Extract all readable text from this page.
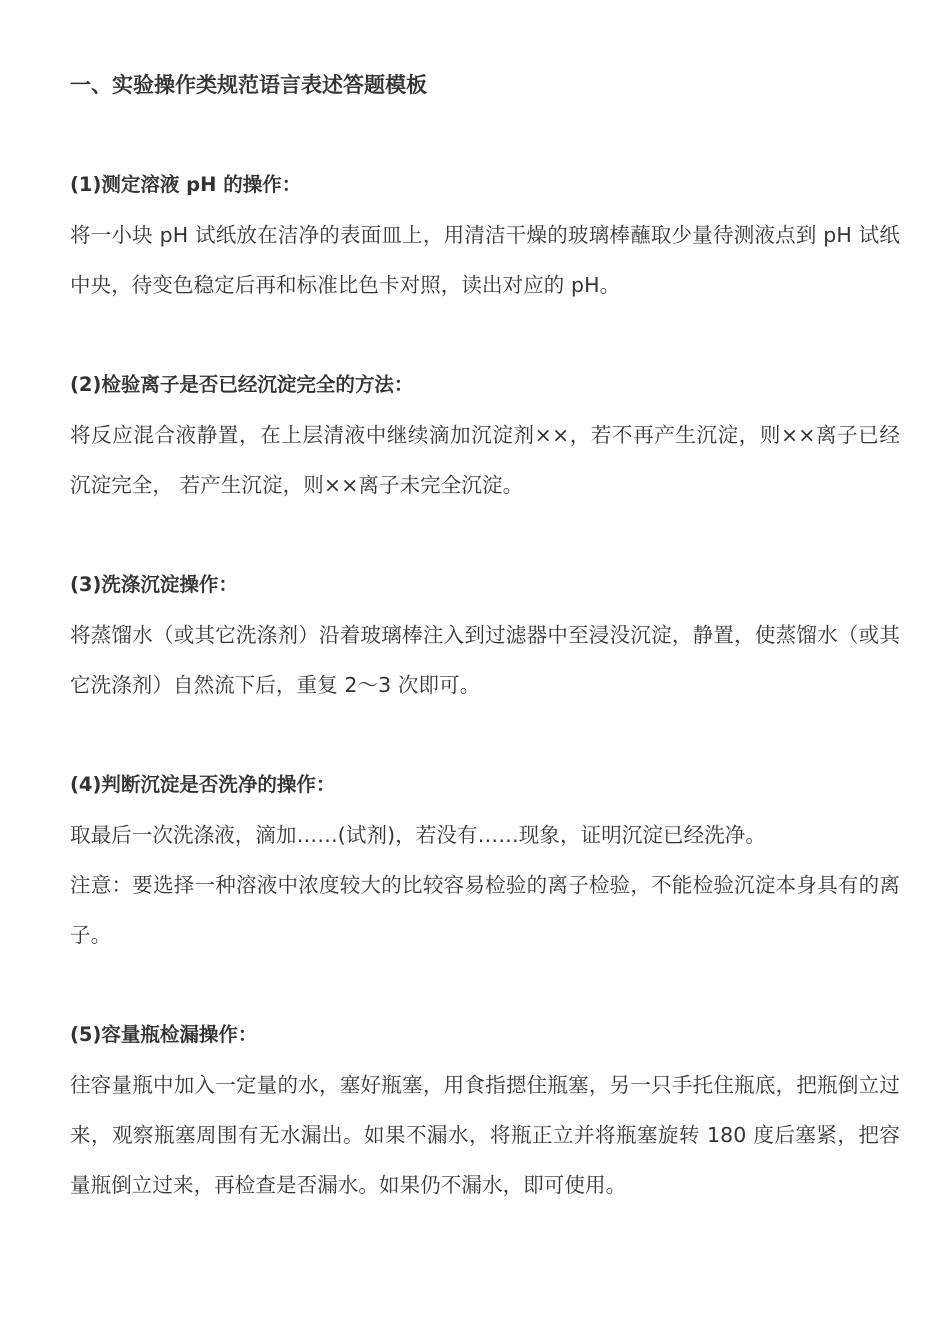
一、实验操作类规范语言表述答题模板
(1)测定溶液 pH 的操作：

将一小块 pH 试纸放在洁净的表面皿上，用清洁干燥的玻璃棒蘸取少量待测液点到 pH 试纸中央，待变色稳定后再和标准比色卡对照，读出对应的 pH。

(2)检验离子是否已经沉淀完全的方法：

将反应混合液静置，在上层清液中继续滴加沉淀剂××，若不再产生沉淀，则××离子已经沉淀完全， 若产生沉淀，则××离子未完全沉淀。

(3)洗涤沉淀操作：

将蒸馏水（或其它洗涤剂）沿着玻璃棒注入到过滤器中至浸没沉淀，静置，使蒸馏水（或其它洗涤剂）自然流下后，重复 2～3 次即可。

(4)判断沉淀是否洗净的操作：

取最后一次洗涤液，滴加……(试剂)，若没有……现象，证明沉淀已经洗净。

注意：要选择一种溶液中浓度较大的比较容易检验的离子检验，不能检验沉淀本身具有的离子。

(5)容量瓶检漏操作：

往容量瓶中加入一定量的水，塞好瓶塞，用食指摁住瓶塞，另一只手托住瓶底，把瓶倒立过来，观察瓶塞周围有无水漏出。如果不漏水，将瓶正立并将瓶塞旋转 180 度后塞紧，把容量瓶倒立过来，再检查是否漏水。如果仍不漏水，即可使用。
